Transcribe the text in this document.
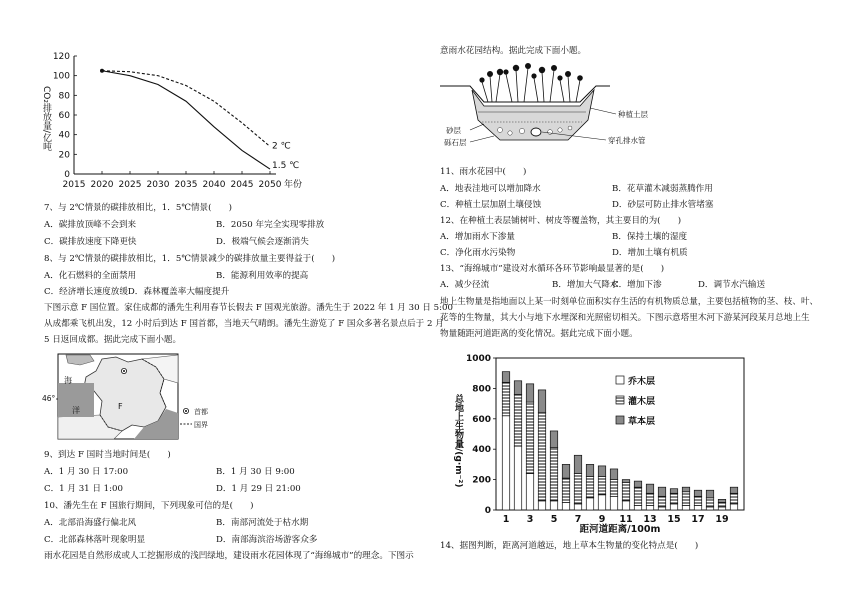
0
20
40
60
80
100
120
2015 2020 2025 2030 2035 2040 2045 2050 年份
CO₂排放量/亿吨	2 ℃
1.5 ℃
7、与 2℃情景的碳排放相比，1．5℃情景(　　)
A．碳排放顶峰不会到来	B．2050 年完全实现零排放
C．碳排放速度下降更快	D．极端气候会逐渐消失
8、与 2℃情景的碳排放相比，1．5℃情景减少的碳排放量主要得益于(　　)
A．化石燃料的全面禁用	B．能源利用效率的提高
C．经济增长速度放缓D．森林覆盖率大幅度提升
下图示意 F 国位置。家住成都的潘先生利用春节长假去 F 国观光旅游。潘先生于 2022 年 1 月 30 日 5:00
从成都乘飞机出发，12 小时后到达 F 国首都，当地天气晴朗。潘先生游览了 F 国众多著名景点后于 2 月
5 日返回成都。据此完成下面小题。
海
洋	F
46°
首都
国界
9、到达 F 国时当地时间是(　　)
A．1 月 30 日 17:00	B．1 月 30 日 9:00
C．1 月 31 日 1:00	D．1 月 29 日 21:00
10、潘先生在 F 国旅行期间，下列现象可信的是(　　)
A．北部沿海盛行偏北风	B．南部河流处于枯水期
C．北部森林落叶现象明显	D．南部海滨浴场游客众多
雨水花园是自然形成或人工挖掘形成的浅凹绿地，建设雨水花园体现了“海绵城市”的理念。下图示
意雨水花园结构。据此完成下面小题。
种植土层
穿孔排水管
砂层
砾石层
11、雨水花园中(　　)
A．地表洼地可以增加降水	B．花草灌木减弱蒸腾作用
C．种植土层加剧土壤侵蚀	D．砂层可防止排水管堵塞
12、在种植土表层铺树叶、树皮等覆盖物，其主要目的为(　　)
A．增加雨水下渗量	B．保持土壤的湿度
C．净化雨水污染物	D．增加土壤有机质
13、“海绵城市”建设对水循环各环节影响最显著的是(　　)
A．减少径流	B．增加大气降水
C．增加下渗	D．调节水汽输送
地上生物量是指地面以上某一时刻单位面积实存生活的有机物质总量，主要包括植物的茎、枝、叶、
花等的生物量，其大小与地下水埋深和光照密切相关。下图示意塔里木河下游某河段某月总地上生
物量随距河道距离的变化情况。据此完成下面小题。
0
200
400
600
800
1000
总地上生物量/(g·m⁻²)
1 3 5 7 9 11 13 15 17 19
距河道距离/100m
乔木层
灌木层
草本层
14、据图判断，距离河道越远，地上草本生物量的变化特点是(　　)
